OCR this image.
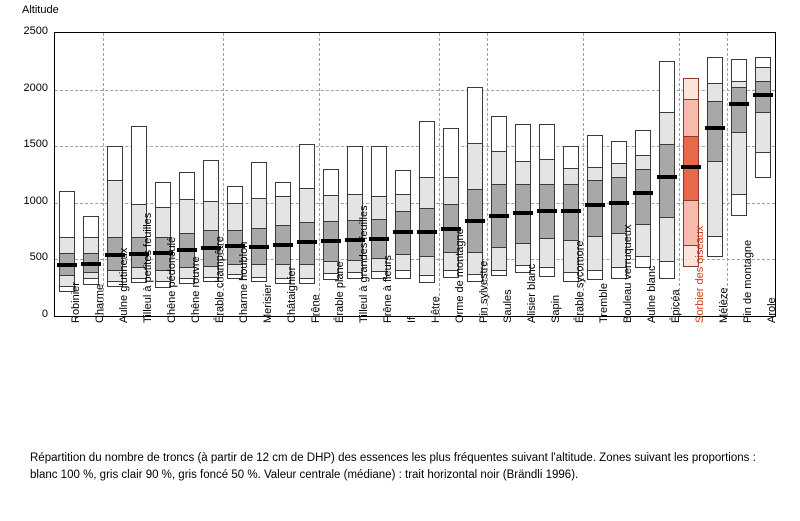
Altitude
0
500
1000
1500
2000
2500
Robinier Charme Aulne glutineux Tilleul à petites feuilles Chêne pédonculé Chêne rouvre Érable champêtre Charme houblon Merisier Châtaignier Frêne Érable plane Tilleul à grandes feuilles Frêne à fleurs If Hêtre Orme de montagne Pin sylvestre Saules Alisier blanc Sapin Érable sycomore Tremble Bouleau verruqueux Aulne blanc Épicéa Sorbier des oiseaux Mélèze Pin de montagne Arole
Répartition du nombre de troncs (à partir de 12 cm de DHP) des essences les plus fréquentes suivant l'altitude. Zones suivant les proportions : blanc 100 %, gris clair 90 %, gris foncé 50 %. Valeur centrale (médiane) : trait horizontal noir (Brändli 1996).
